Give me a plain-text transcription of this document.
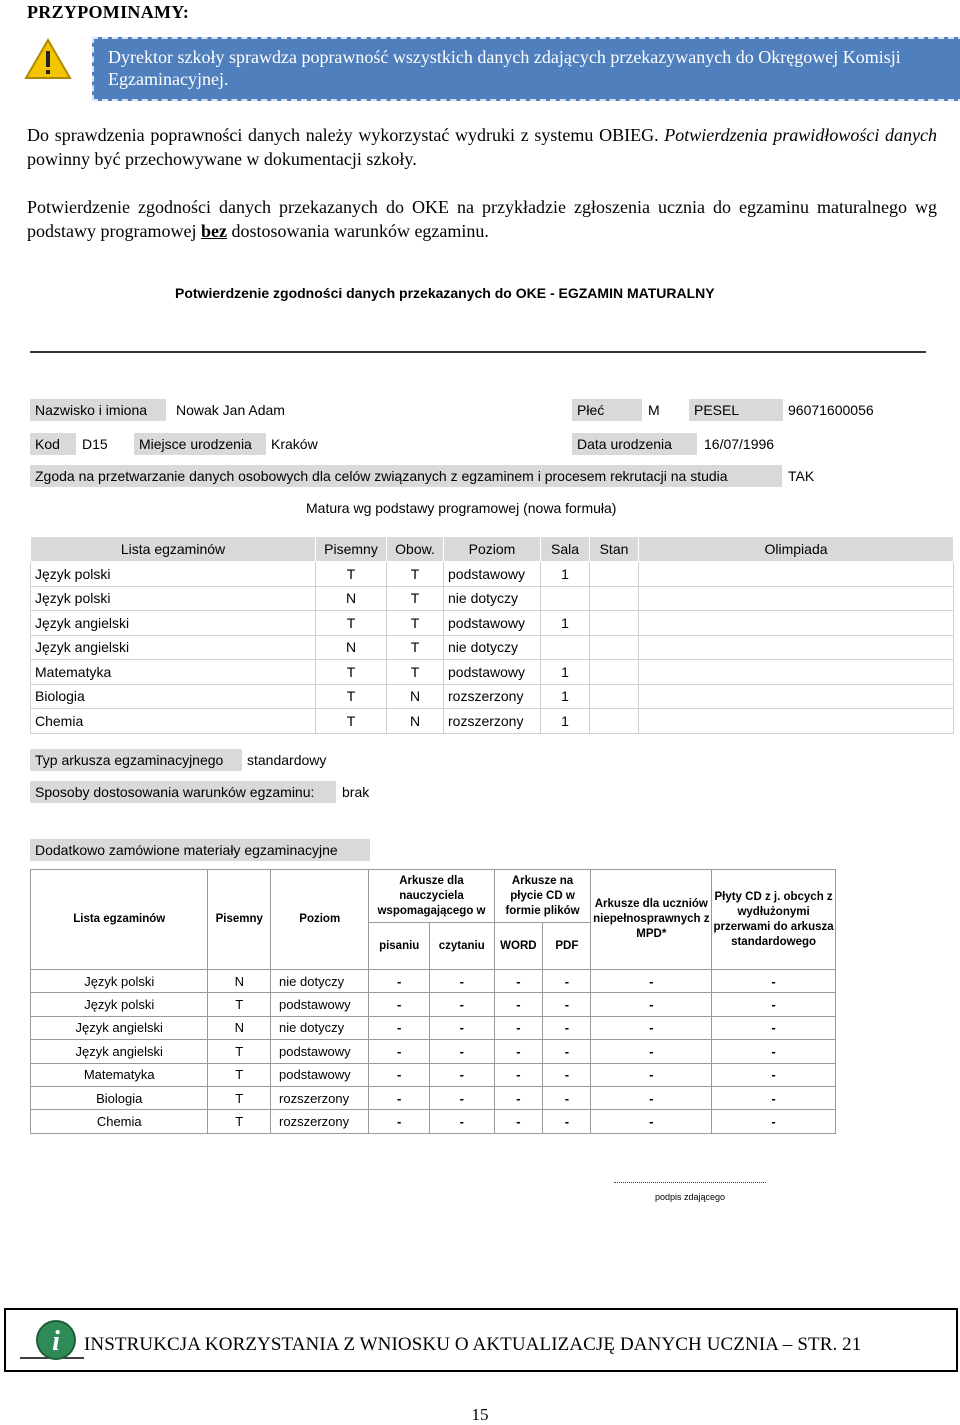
PRZYPOMINAMY:
Dyrektor szkoły sprawdza poprawność wszystkich danych zdających przekazywanych do Okręgowej Komisji Egzaminacyjnej.
Do sprawdzenia poprawności danych należy wykorzystać wydruki z systemu OBIEG. Potwierdzenia prawidłowości danych powinny być przechowywane w dokumentacji szkoły.
Potwierdzenie zgodności danych przekazanych do OKE na przykładzie zgłoszenia ucznia do egzaminu maturalnego wg podstawy programowej bez dostosowania warunków egzaminu.
Potwierdzenie zgodności danych przekazanych do OKE - EGZAMIN MATURALNY
Nazwisko i imiona	Nowak Jan Adam	Płeć	M	PESEL	96071600056
Kod	D15	Miejsce urodzenia	Kraków	Data urodzenia	16/07/1996
Zgoda na przetwarzanie danych osobowych dla celów związanych z egzaminem i procesem rekrutacji na studia	TAK
Matura wg podstawy programowej (nowa formuła)
Lista egzaminów	Pisemny	Obow.	Poziom	Sala	Stan	Olimpiada
Język polski	T	T	podstawowy	1		
Język polski	N	T	nie dotyczy			
Język angielski	T	T	podstawowy	1		
Język angielski	N	T	nie dotyczy			
Matematyka	T	T	podstawowy	1		
Biologia	T	N	rozszerzony	1		
Chemia	T	N	rozszerzony	1		
Typ arkusza egzaminacyjnego	standardowy
Sposoby dostosowania warunków egzaminu:	brak
Dodatkowo zamówione materiały egzaminacyjne
Lista egzaminów	Pisemny	Poziom	Arkusze dla nauczyciela wspomagającego w		Arkusze na płycie CD w formie plików		Arkusze dla uczniów niepełnosprawnych z MPD*	Płyty CD z j. obcych z wydłużonymi przerwami do arkusza standardowego
			pisaniu	czytaniu	WORD	PDF		
Język polski	N	nie dotyczy	-	-	-	-	-	-
Język polski	T	podstawowy	-	-	-	-	-	-
Język angielski	N	nie dotyczy	-	-	-	-	-	-
Język angielski	T	podstawowy	-	-	-	-	-	-
Matematyka	T	podstawowy	-	-	-	-	-	-
Biologia	T	rozszerzony	-	-	-	-	-	-
Chemia	T	rozszerzony	-	-	-	-	-	-
podpis zdającego
i INSTRUKCJA KORZYSTANIA Z WNIOSKU O AKTUALIZACJĘ DANYCH UCZNIA – STR. 21
15
